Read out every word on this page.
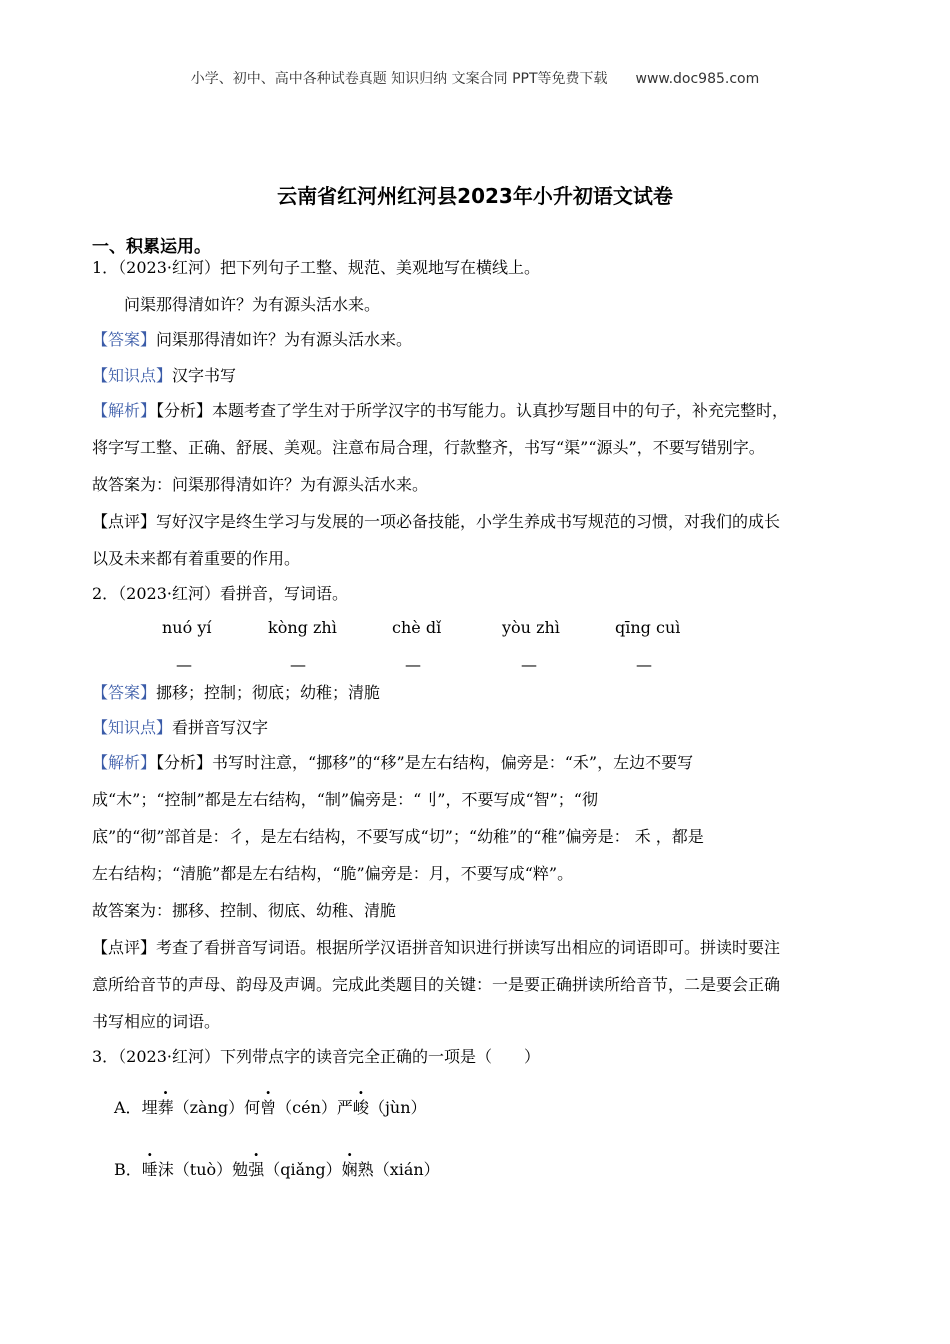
小学、初中、高中各种试卷真题 知识归纳 文案合同 PPT等免费下载 www.doc985.com
云南省红河州红河县2023年小升初语文试卷
一、积累运用。
1．（2023·红河）把下列句子工整、规范、美观地写在横线上。
问渠那得清如许？为有源头活水来。
【答案】问渠那得清如许？为有源头活水来。
【知识点】汉字书写
【解析】【分析】本题考查了学生对于所学汉字的书写能力。认真抄写题目中的句子，补充完整时，
将字写工整、正确、舒展、美观。注意布局合理，行款整齐，书写“渠”“源头”，不要写错别字。
故答案为：问渠那得清如许？为有源头活水来。
【点评】写好汉字是终生学习与发展的一项必备技能，小学生养成书写规范的习惯，对我们的成长
以及未来都有着重要的作用。
2．（2023·红河）看拼音，写词语。
nuó yí	kòng zhì	chè dǐ	yòu zhì	qīng cuì
—	—	—	—	—
【答案】挪移；控制；彻底；幼稚；清脆
【知识点】看拼音写汉字
【解析】【分析】书写时注意，“挪移”的“移”是左右结构，偏旁是：“禾”，左边不要写
成“木”；“控制”都是左右结构，“制”偏旁是：“刂”，不要写成“智”；“彻
底”的“彻”部首是：彳，是左右结构，不要写成“切”；“幼稚”的“稚”偏旁是： 禾 ，都是
左右结构；“清脆”都是左右结构，“脆”偏旁是：月，不要写成“粹”。
故答案为：挪移、控制、彻底、幼稚、清脆
【点评】考查了看拼音写词语。根据所学汉语拼音知识进行拼读写出相应的词语即可。拼读时要注
意所给音节的声母、韵母及声调。完成此类题目的关键：一是要正确拼读所给音节，二是要会正确
书写相应的词语。
3．（2023·红河）下列带点字的读音完全正确的一项是（　　）
A．埋葬（zàng）何曾（cén）严峻（jùn）
B．唾沫（tuò）勉强（qiǎng）娴熟（xián）
